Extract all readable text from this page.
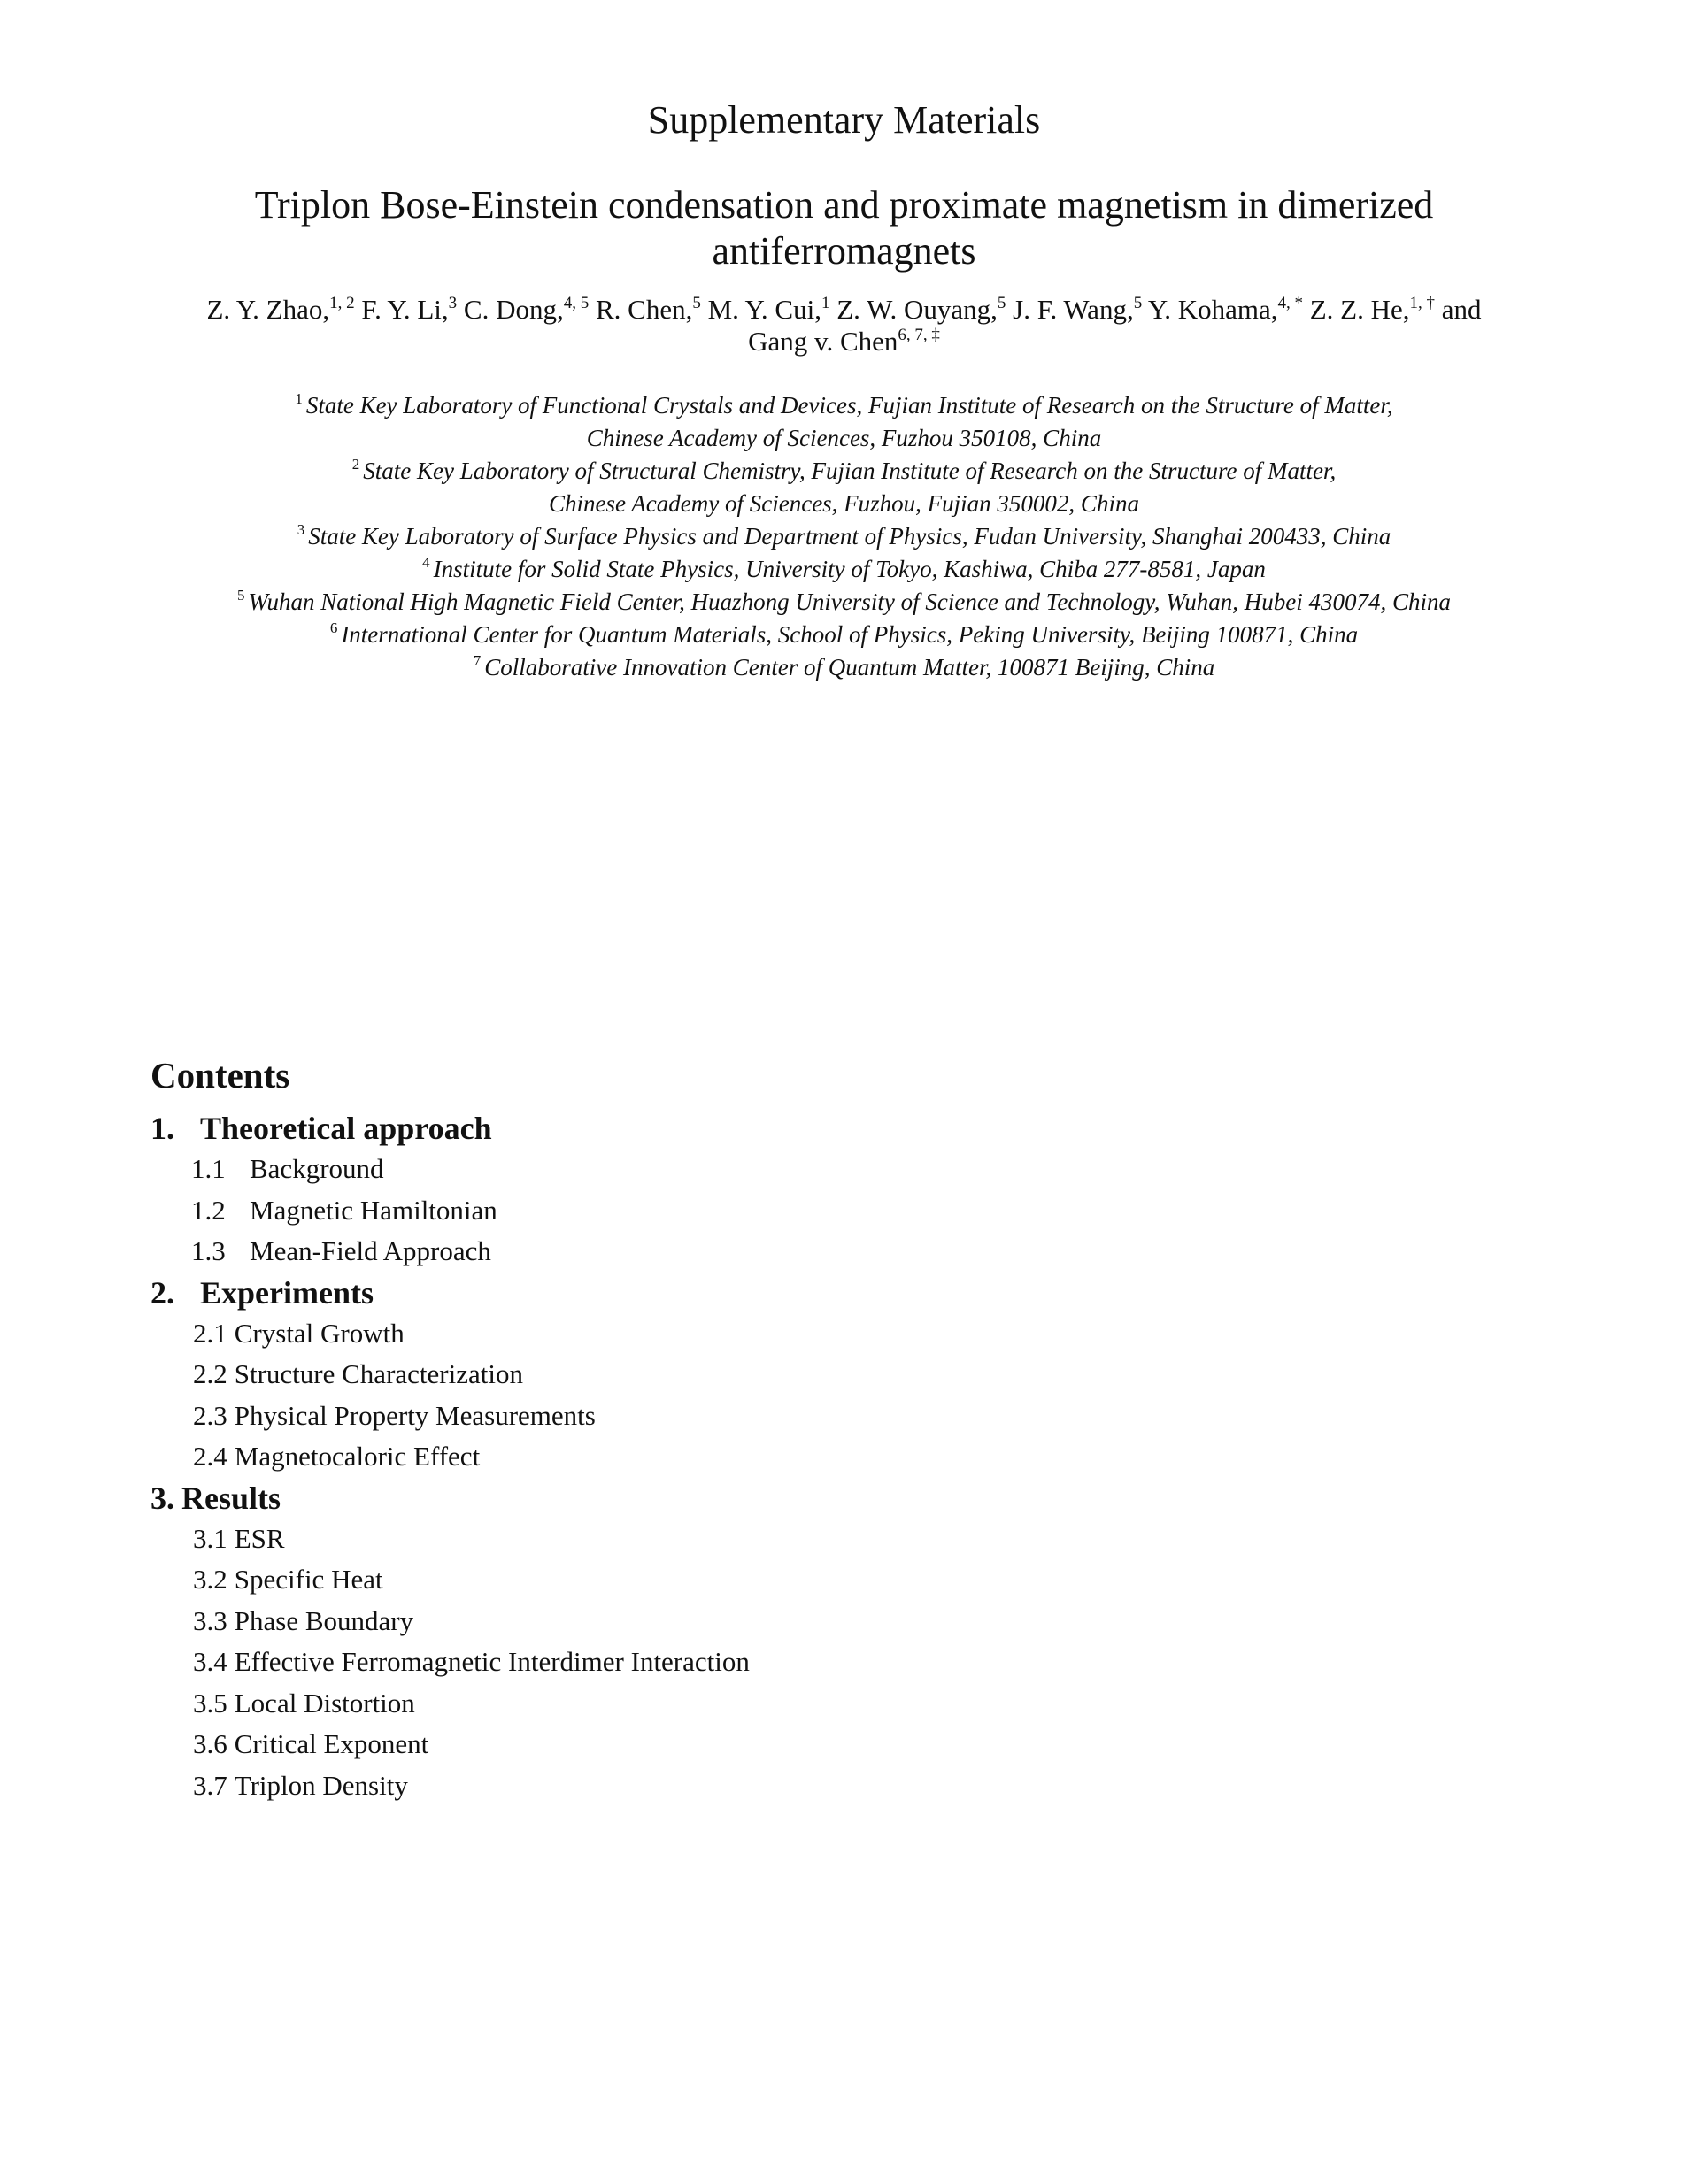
Supplementary Materials
Triplon Bose-Einstein condensation and proximate magnetism in dimerized
antiferromagnets
Z. Y. Zhao,$^{1, 2}$ F. Y. Li,$^3$ C. Dong,$^{4, 5}$ R. Chen,$^5$ M. Y. Cui,$^1$ Z. W. Ouyang,$^5$ J. F. Wang,$^5$ Y. Kohama,$^{4, *}$ Z. Z. He,$^{1, \dagger}$ and
Gang v. Chen$^{6, 7, \ddagger}$
$^1$ State Key Laboratory of Functional Crystals and Devices, Fujian Institute of Research on the Structure of Matter,
Chinese Academy of Sciences, Fuzhou 350108, China
$^2$ State Key Laboratory of Structural Chemistry, Fujian Institute of Research on the Structure of Matter,
Chinese Academy of Sciences, Fuzhou, Fujian 350002, China
$^3$ State Key Laboratory of Surface Physics and Department of Physics, Fudan University, Shanghai 200433, China
$^4$ Institute for Solid State Physics, University of Tokyo, Kashiwa, Chiba 277-8581, Japan
$^5$ Wuhan National High Magnetic Field Center, Huazhong University of Science and Technology, Wuhan, Hubei 430074, China
$^6$ International Center for Quantum Materials, School of Physics, Peking University, Beijing 100871, China
$^7$ Collaborative Innovation Center of Quantum Matter, 100871 Beijing, China
Contents
1. Theoretical approach
1.1 Background
1.2 Magnetic Hamiltonian
1.3 Mean-Field Approach
2. Experiments
2.1 Crystal Growth
2.2 Structure Characterization
2.3 Physical Property Measurements
2.4 Magnetocaloric Effect
3. Results
3.1 ESR
3.2 Specific Heat
3.3 Phase Boundary
3.4 Effective Ferromagnetic Interdimer Interaction
3.5 Local Distortion
3.6 Critical Exponent
3.7 Triplon Density
